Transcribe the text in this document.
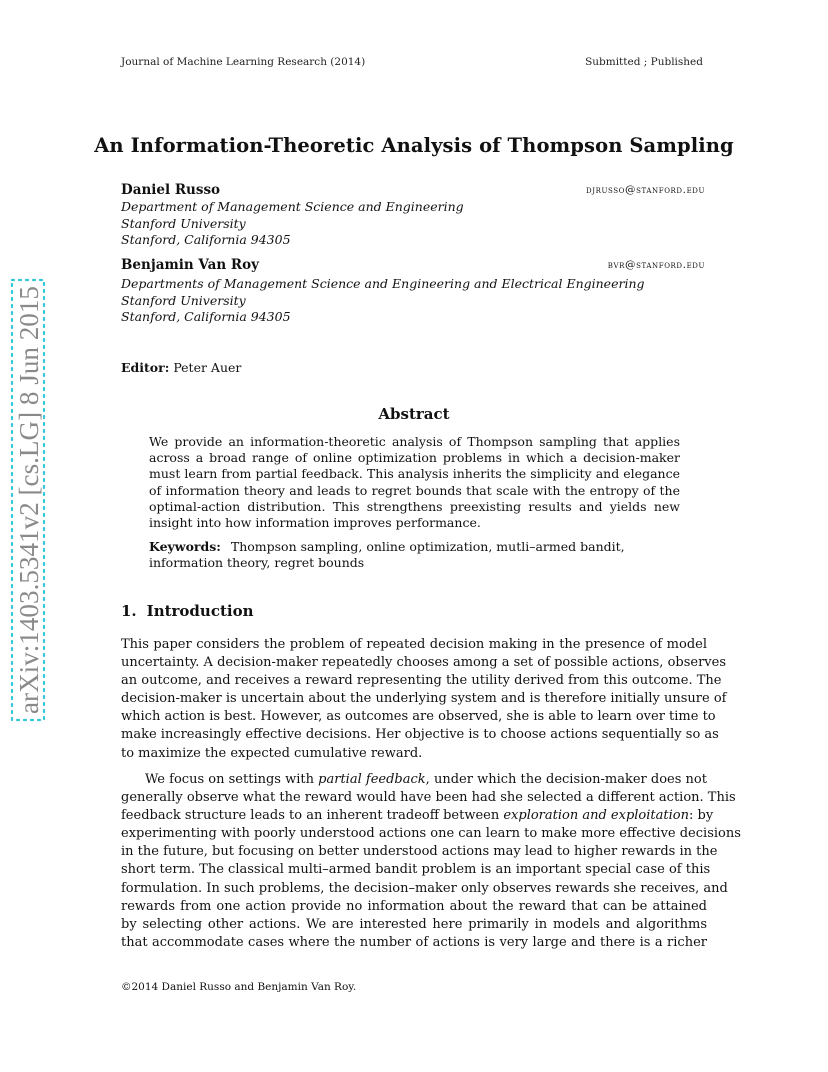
Journal of Machine Learning Research (2014)	Submitted ; Published
An Information-Theoretic Analysis of Thompson Sampling
Daniel Russo	djrusso@stanford.edu
Department of Management Science and Engineering
Stanford University
Stanford, California 94305
Benjamin Van Roy	bvr@stanford.edu
Departments of Management Science and Engineering and Electrical Engineering
Stanford University
Stanford, California 94305
Editor: Peter Auer
Abstract
We provide an information-theoretic analysis of Thompson sampling that applies across a broad range of online optimization problems in which a decision-maker must learn from partial feedback. This analysis inherits the simplicity and elegance of information theory and leads to regret bounds that scale with the entropy of the optimal-action distribution. This strengthens preexisting results and yields new insight into how information improves performance.
Keywords: Thompson sampling, online optimization, mutli–armed bandit, information theory, regret bounds
1. Introduction
This paper considers the problem of repeated decision making in the presence of model
uncertainty. A decision-maker repeatedly chooses among a set of possible actions, observes
an outcome, and receives a reward representing the utility derived from this outcome. The
decision-maker is uncertain about the underlying system and is therefore initially unsure of
which action is best. However, as outcomes are observed, she is able to learn over time to
make increasingly effective decisions. Her objective is to choose actions sequentially so as
to maximize the expected cumulative reward.
We focus on settings with partial feedback, under which the decision-maker does not
generally observe what the reward would have been had she selected a different action. This
feedback structure leads to an inherent tradeoff between exploration and exploitation: by
experimenting with poorly understood actions one can learn to make more effective decisions
in the future, but focusing on better understood actions may lead to higher rewards in the
short term. The classical multi–armed bandit problem is an important special case of this
formulation. In such problems, the decision–maker only observes rewards she receives, and
rewards from one action provide no information about the reward that can be attained
by selecting other actions. We are interested here primarily in models and algorithms
that accommodate cases where the number of actions is very large and there is a richer
©2014 Daniel Russo and Benjamin Van Roy.
arXiv:1403.5341v2 [cs.LG] 8 Jun 2015
